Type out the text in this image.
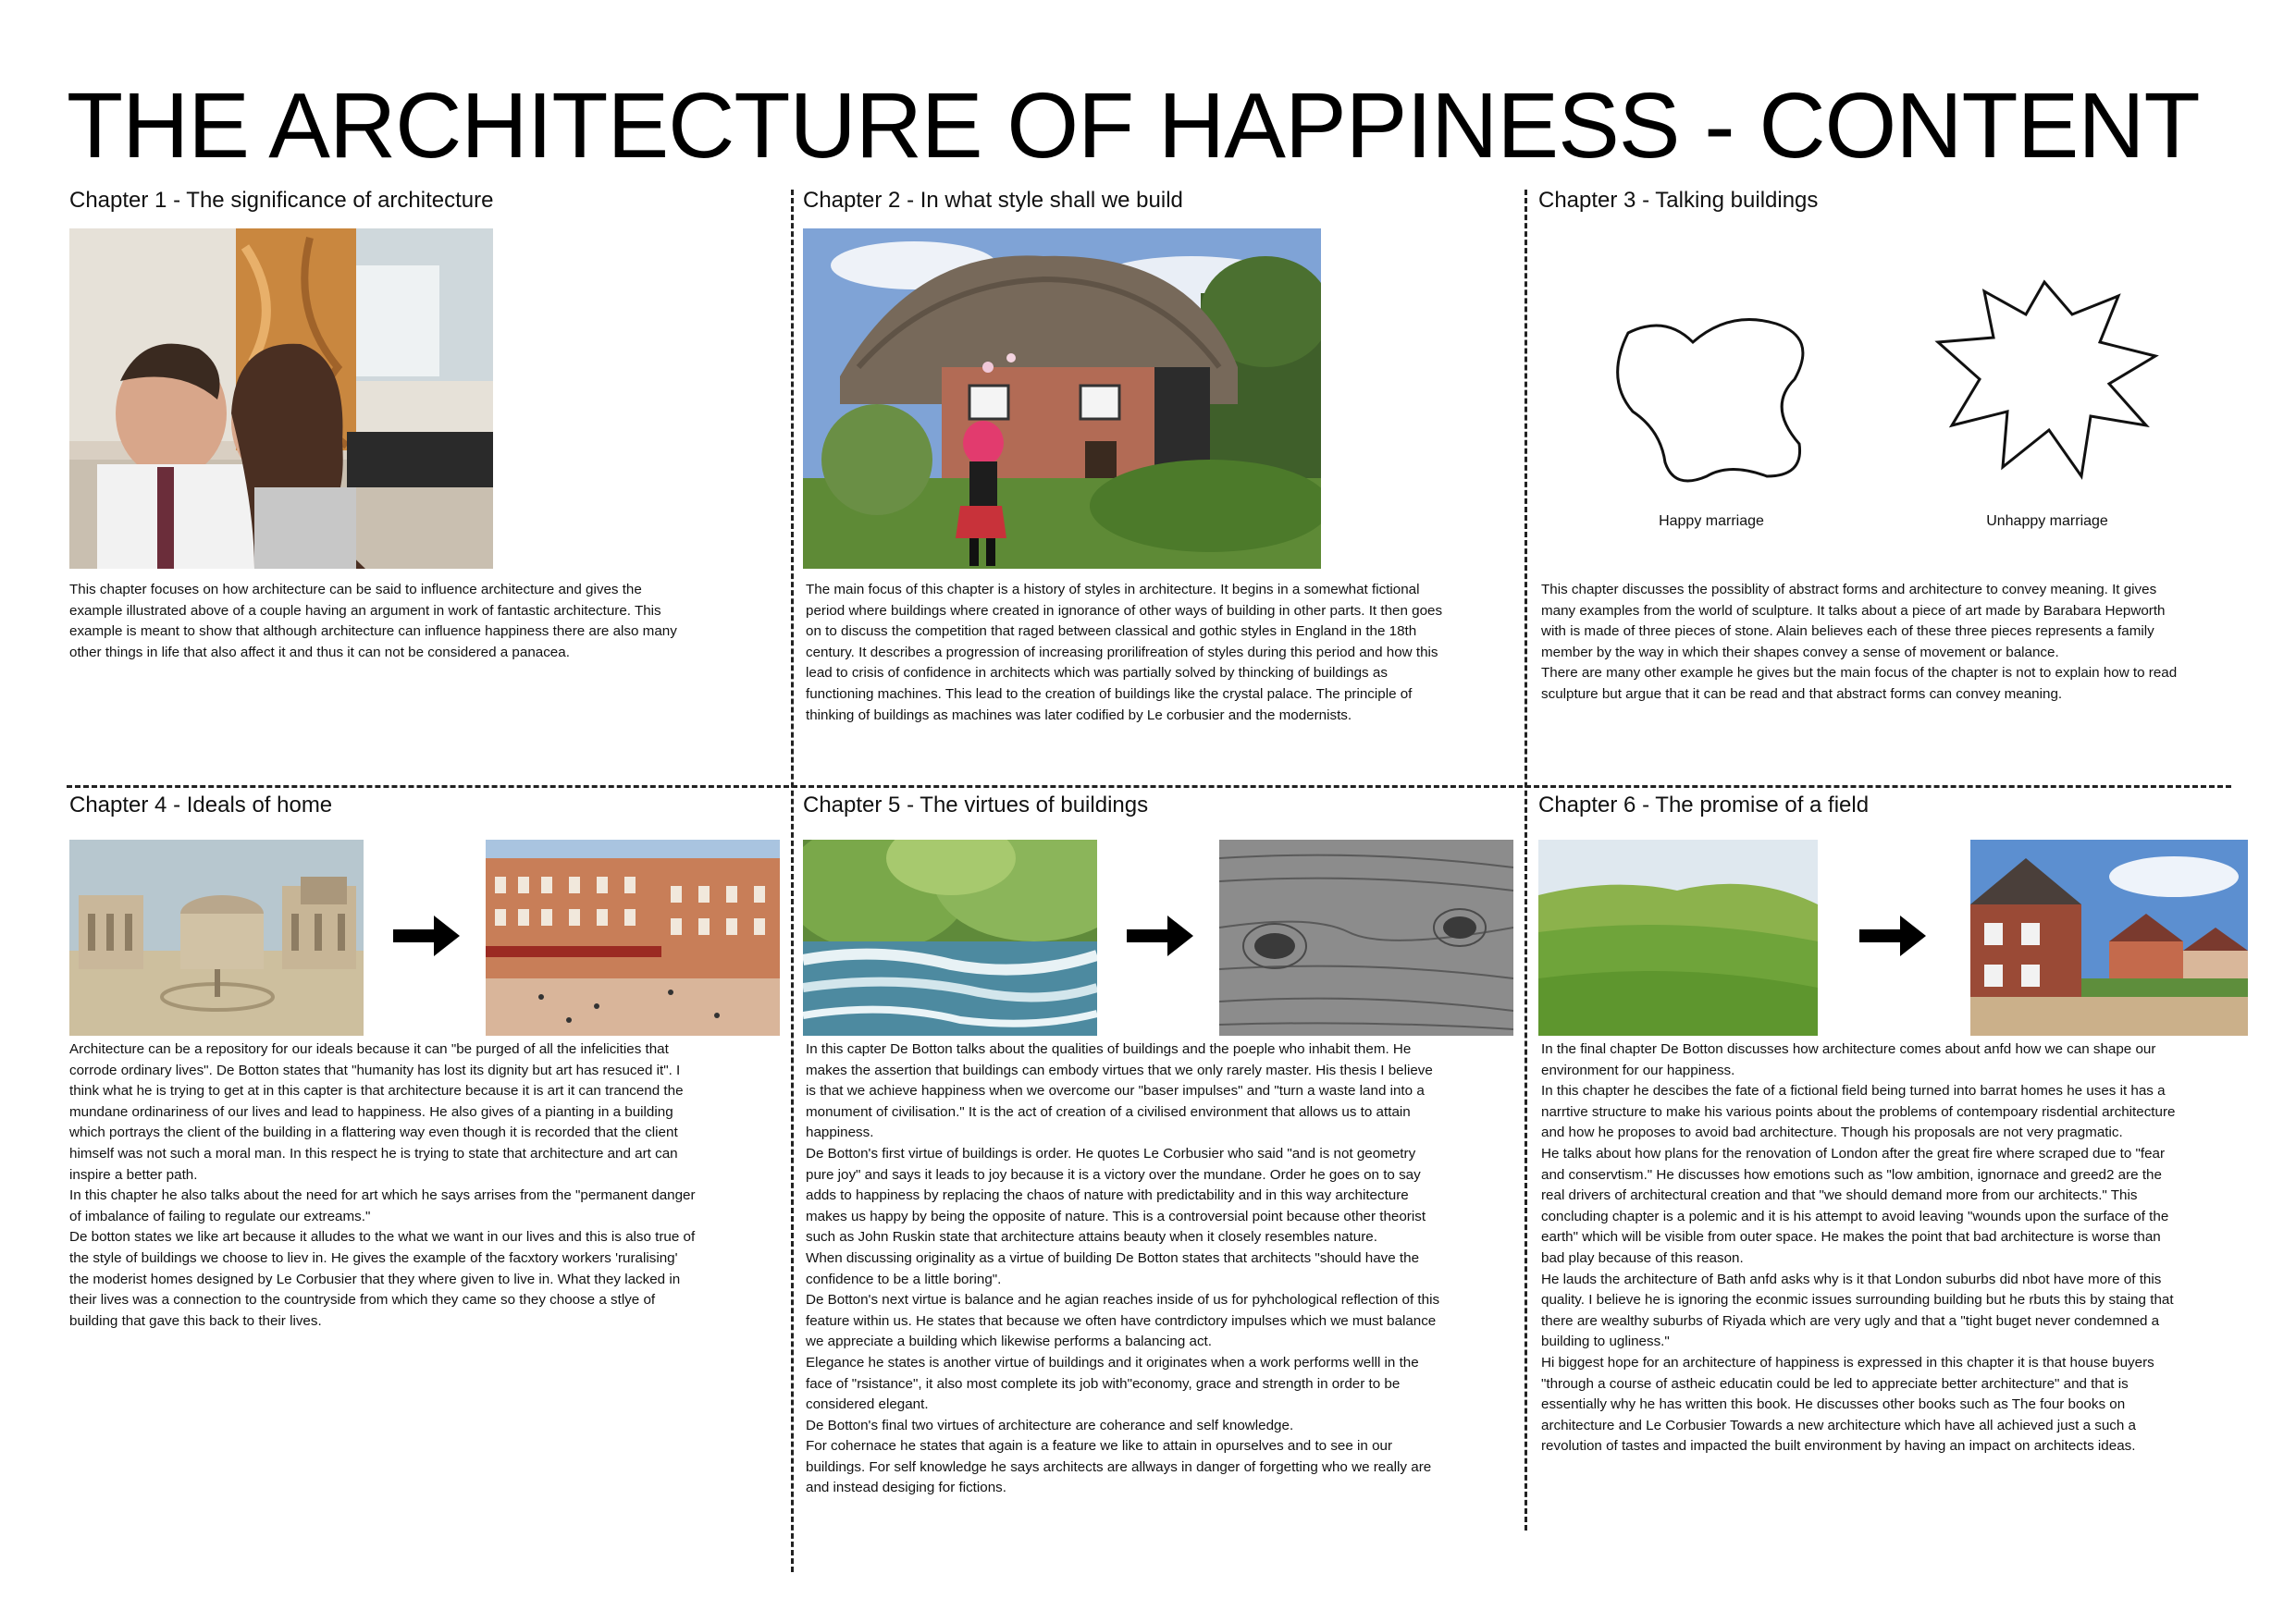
THE ARCHITECTURE OF HAPPINESS - CONTENT
Chapter 1 - The significance of architecture

This chapter focuses on how architecture can be said to influence architecture and gives the example illustrated above of a couple having an argument in work of fantastic architecture. This example is meant to show that although architecture can influence happiness there are also many other things in life that also affect it and thus it can not be considered a panacea.

Chapter 2 - In what style shall we build

The main focus of this chapter is a history of styles in architecture. It begins in a somewhat fictional period where buildings where created in ignorance of other ways of building in other parts. It then goes on to discuss the competition that raged between classical and gothic styles in England in the 18th century. It describes a progression of increasing prorilifreation of styles during this period and how this lead to crisis of confidence in architects which was partially solved by thincking of buildings as functioning machines. This lead to the creation of buildings like the crystal palace. The principle of thinking of buildings as machines was later codified by Le corbusier and the modernists.

Chapter 3 - Talking buildings
Happy marriage	Unhappy marriage

This chapter discusses the possiblity of abstract forms and architecture to convey meaning. It gives many examples from the world of sculpture. It talks about a piece of art made by Barabara Hepworth with is made of three pieces of stone. Alain believes each of these three pieces represents a family member by the way in which their shapes convey a sense of movement or balance.

There are many other example he gives but the main focus of the chapter is not to explain how to read sculpture but argue that it can be read and that abstract forms can convey meaning.

Chapter 4 - Ideals of home

Architecture can be a repository for our ideals because it can "be purged of all the infelicities that corrode ordinary lives". De Botton states that "humanity has lost its dignity but art has resuced it". I think what he is trying to get at in this capter is that architecture because it is art it can trancend the mundane ordinariness of our lives and lead to happiness. He also gives of a pianting in a building which portrays the client of the building in a flattering way even though it is recorded that the client himself was not such a moral man. In this respect he is trying to state that architecture and art can inspire a better path.

In this chapter he also talks about the need for art which he says arrises from the "permanent danger of imbalance of failing to regulate our extreams."

De botton states we like art because it alludes to the what we want in our lives and this is also true of the style of buildings we choose to liev in. He gives the example of the facxtory workers 'ruralising' the moderist homes designed by Le Corbusier that they where given to live in. What they lacked in their lives was a connection to the countryside from which they came so they choose a stlye of building that gave this back to their lives.

Chapter 5 - The virtues of buildings

In this capter De Botton talks about the qualities of buildings and the poeple who inhabit them. He makes the assertion that buildings can embody virtues that we only rarely master. His thesis I believe is that we achieve happiness when we overcome our "baser impulses" and "turn a waste land into a monument of civilisation." It is the act of creation of a civilised environment that allows us to attain happiness.

De Botton's first virtue of buildings is order. He quotes Le Corbusier who said "and is not geometry pure joy" and says it leads to joy because it is a victory over the mundane. Order he goes on to say adds to happiness by replacing the chaos of nature with predictability and in this way architecture makes us happy by being the opposite of nature. This is a controversial point because other theorist such as John Ruskin state that architecture attains beauty when it closely resembles nature.

When discussing originality as a virtue of building De Botton states that architects "should have the confidence to be a little boring".

De Botton's next virtue is balance and he agian reaches inside of us for pyhchological reflection of this feature within us. He states that because we often have contrdictory impulses which we must balance we appreciate a building which likewise performs a balancing act.

Elegance he states is another virtue of buildings and it originates when a work performs welll in the face of "rsistance", it also most complete its job with"economy, grace and strength in order to be considered elegant.

De Botton's final two virtues of architecture are coherance and self knowledge.

For cohernace he states that again is a feature we like to attain in opurselves and to see in our buildings. For self knowledge he says architects are allways in danger of forgetting who we really are and instead desiging for fictions.

Chapter 6 - The promise of a field

In the final chapter De Botton discusses how architecture comes about anfd how we can shape our environment for our happiness.

In this chapter he descibes the fate of a fictional field being turned into barrat homes he uses it has a narrtive structure to make his various points about the problems of contempoary risdential architecture and how he proposes to avoid bad architecture. Though his proposals are not very pragmatic.

He talks about how plans for the renovation of London after the great fire where scraped due to "fear and conservtism." He discusses how emotions such as "low ambition, ignornace and greed2 are the real drivers of architectural creation and that "we should demand more from our architects." This concluding chapter is a polemic and it is his attempt to avoid leaving "wounds upon the surface of the earth" which will be visible from outer space. He makes the point that bad architecture is worse than bad play because of this reason.

He lauds the architecture of Bath anfd asks why is it that London suburbs did nbot have more of this quality. I believe he is ignoring the econmic issues surrounding building but he rbuts this by staing that there are wealthy suburbs of Riyada which are very ugly and that a "tight buget never condemned a building to ugliness."

Hi biggest hope for an architecture of happiness is expressed in this chapter it is that house buyers "through a course of astheic educatin could be led to appreciate better architecture" and that is essentially why he has written this book. He discusses other books such as The four books on architecture and Le Corbusier Towards a new architecture which have all achieved just a such a revolution of tastes and impacted the built environment by having an impact on architects ideas.
